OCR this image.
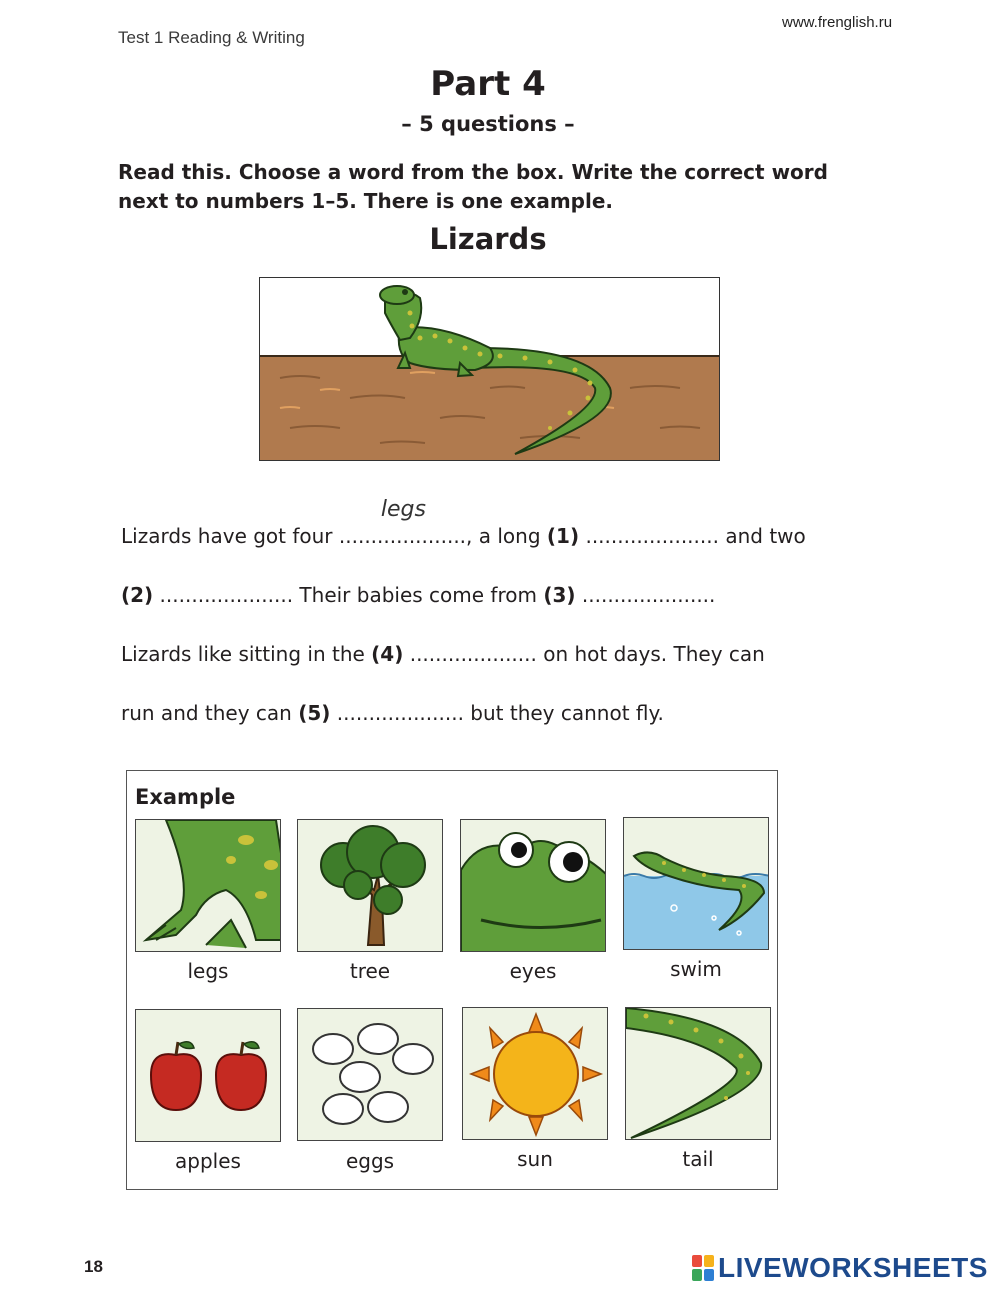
Test 1 Reading & Writing
www.frenglish.ru
Part 4
– 5 questions –
Read this. Choose a word from the box. Write the correct word next to numbers 1–5. There is one example.
Lizards
Lizards have got four
legs
...................., a long (1) ..................... and two
(2) ..................... Their babies come from (3) .....................
Lizards like sitting in the (4) .................... on hot days. They can
run and they can (5) .................... but they cannot fly.
Example
legs	tree	eyes	swim
apples	eggs	sun	tail
18	LIVEWORKSHEETS
